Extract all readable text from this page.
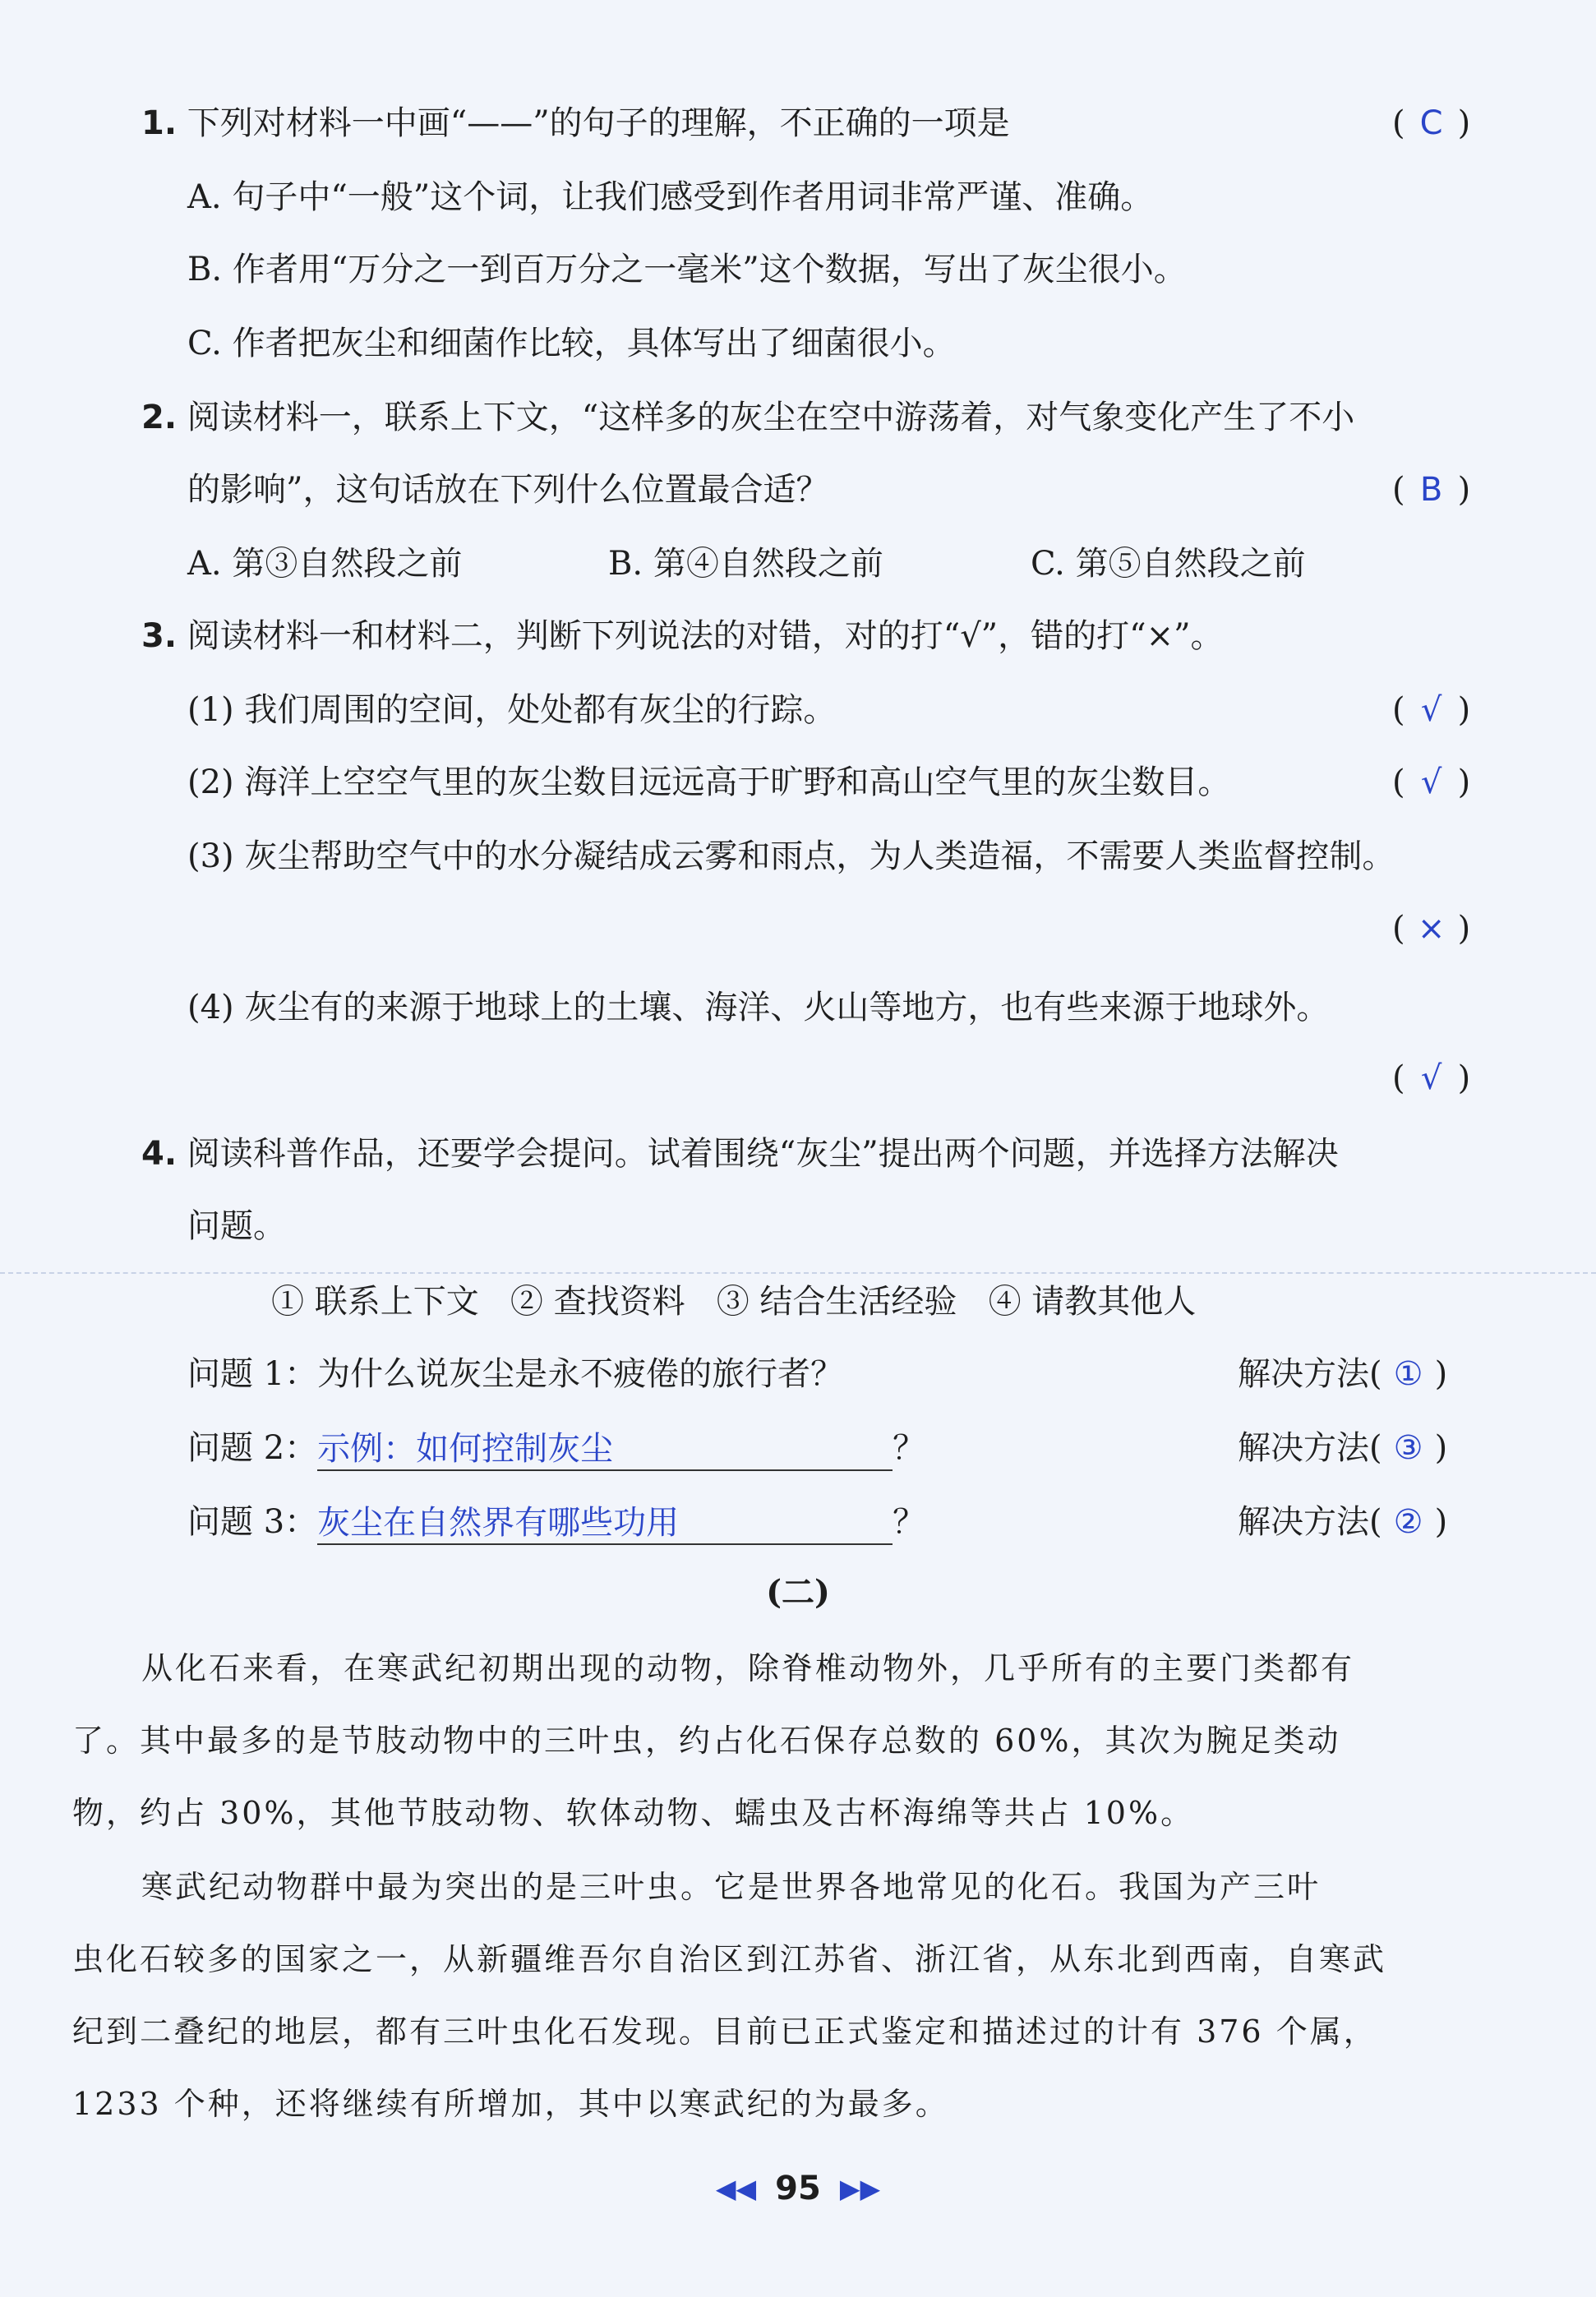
1. 下列对材料一中画“——”的句子的理解，不正确的一项是	( C )
A. 句子中“一般”这个词，让我们感受到作者用词非常严谨、准确。
B. 作者用“万分之一到百万分之一毫米”这个数据，写出了灰尘很小。
C. 作者把灰尘和细菌作比较，具体写出了细菌很小。
2. 阅读材料一，联系上下文，“这样多的灰尘在空中游荡着，对气象变化产生了不小
的影响”，这句话放在下列什么位置最合适？	( B )
A. 第③自然段之前	B. 第④自然段之前	C. 第⑤自然段之前
3. 阅读材料一和材料二，判断下列说法的对错，对的打“√”，错的打“×”。
(1) 我们周围的空间，处处都有灰尘的行踪。	( √ )
(2) 海洋上空空气里的灰尘数目远远高于旷野和高山空气里的灰尘数目。	( √ )
(3) 灰尘帮助空气中的水分凝结成云雾和雨点，为人类造福，不需要人类监督控制。
( × )
(4) 灰尘有的来源于地球上的土壤、海洋、火山等地方，也有些来源于地球外。
( √ )
4. 阅读科普作品，还要学会提问。试着围绕“灰尘”提出两个问题，并选择方法解决
问题。
① 联系上下文   ② 查找资料   ③ 结合生活经验   ④ 请教其他人
问题 1：为什么说灰尘是永不疲倦的旅行者？	解决方法( ① )
问题 2：示例：如何控制灰尘	？	解决方法( ③ )
问题 3：灰尘在自然界有哪些功用	？	解决方法( ② )
(二)
从化石来看，在寒武纪初期出现的动物，除脊椎动物外，几乎所有的主要门类都有
了。其中最多的是节肢动物中的三叶虫，约占化石保存总数的 60%，其次为腕足类动
物，约占 30%，其他节肢动物、软体动物、蠕虫及古杯海绵等共占 10%。
寒武纪动物群中最为突出的是三叶虫。它是世界各地常见的化石。我国为产三叶
虫化石较多的国家之一，从新疆维吾尔自治区到江苏省、浙江省，从东北到西南，自寒武
纪到二叠纪的地层，都有三叶虫化石发现。目前已正式鉴定和描述过的计有 376 个属，
1233 个种，还将继续有所增加，其中以寒武纪的为最多。
◀◀ 95 ▶▶
